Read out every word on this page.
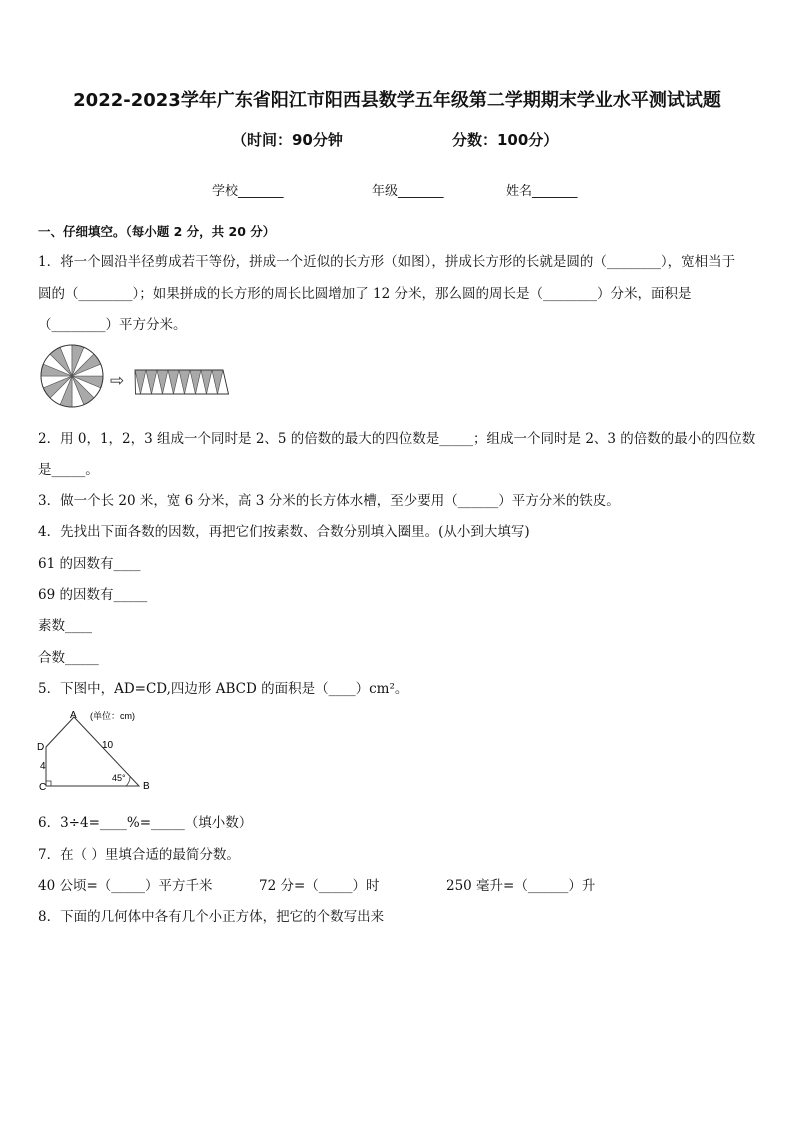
2022-2023学年广东省阳江市阳西县数学五年级第二学期期末学业水平测试试题
（时间：90分钟	分数：100分）
学校_______	年级_______	姓名_______
一、仔细填空。（每小题 2 分，共 20 分）
1．将一个圆沿半径剪成若干等份，拼成一个近似的长方形（如图），拼成长方形的长就是圆的（________），宽相当于
圆的（________）；如果拼成的长方形的周长比圆增加了 12 分米，那么圆的周长是（________）分米，面积是
（________）平方分米。
⇨
2．用 0，1，2，3 组成一个同时是 2、5 的倍数的最大的四位数是_____；组成一个同时是 2、3 的倍数的最小的四位数
是_____。
3．做一个长 20 米，宽 6 分米，高 3 分米的长方体水槽，至少要用（______）平方分米的铁皮。
4．先找出下面各数的因数，再把它们按素数、合数分别填入圈里。(从小到大填写)
61 的因数有____
69 的因数有_____
素数____
合数_____
5．下图中，AD=CD,四边形 ABCD 的面积是（____）cm²。
A
D
C	B
10
4
45°
(单位：cm)
6．3÷4=____%=_____（填小数）
7．在（ ）里填合适的最简分数。
40 公顷=（_____）平方千米	72 分=（_____）时	250 毫升=（______）升
8．下面的几何体中各有几个小正方体，把它的个数写出来
